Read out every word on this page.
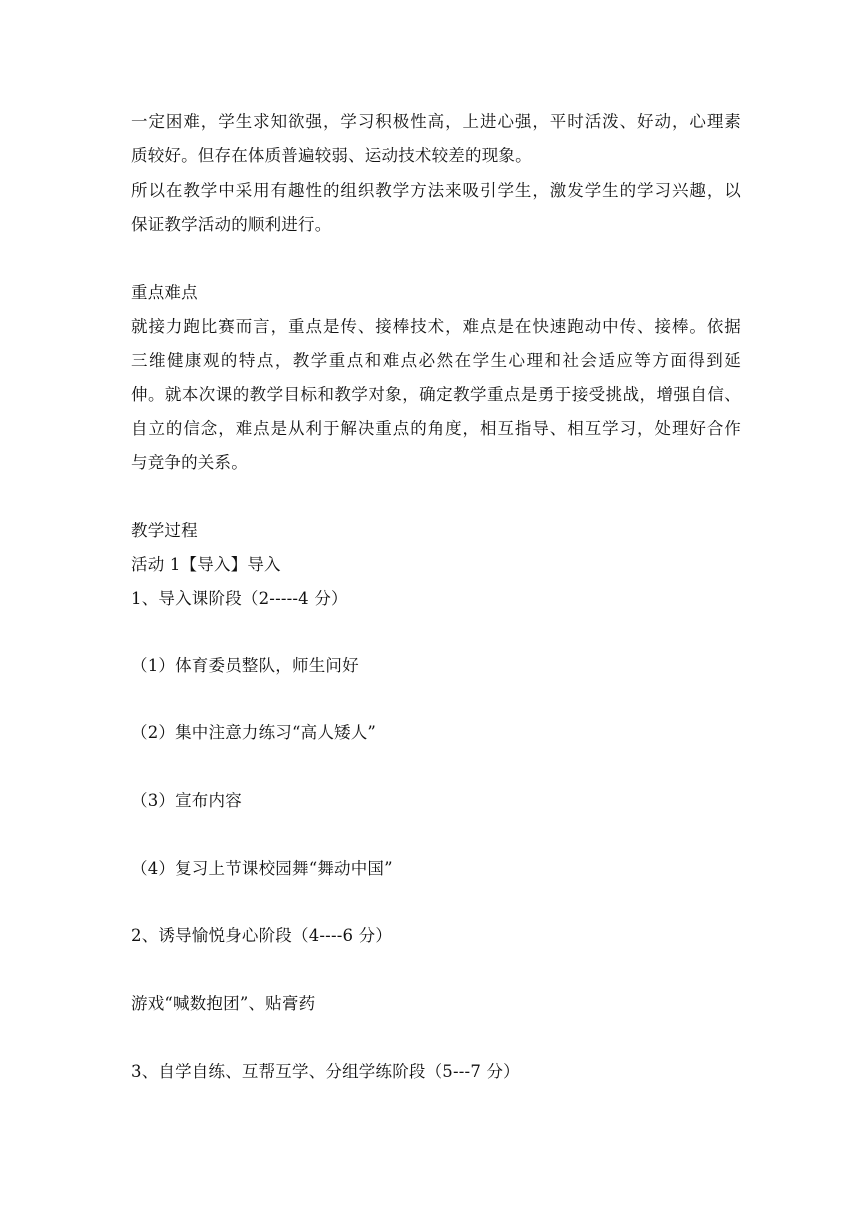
一定困难，学生求知欲强，学习积极性高，上进心强，平时活泼、好动，心理素
质较好。但存在体质普遍较弱、运动技术较差的现象。
所以在教学中采用有趣性的组织教学方法来吸引学生，激发学生的学习兴趣，以
保证教学活动的顺利进行。
重点难点
就接力跑比赛而言，重点是传、接棒技术，难点是在快速跑动中传、接棒。依据
三维健康观的特点，教学重点和难点必然在学生心理和社会适应等方面得到延
伸。就本次课的教学目标和教学对象，确定教学重点是勇于接受挑战，增强自信、
自立的信念，难点是从利于解决重点的角度，相互指导、相互学习，处理好合作
与竞争的关系。
教学过程
活动 1【导入】导入
1、导入课阶段（2-----4 分）
（1）体育委员整队，师生问好
（2）集中注意力练习“高人矮人”
（3）宣布内容
（4）复习上节课校园舞“舞动中国”
2、诱导愉悦身心阶段（4----6 分）
游戏“喊数抱团”、贴膏药
3、自学自练、互帮互学、分组学练阶段（5---7 分）
